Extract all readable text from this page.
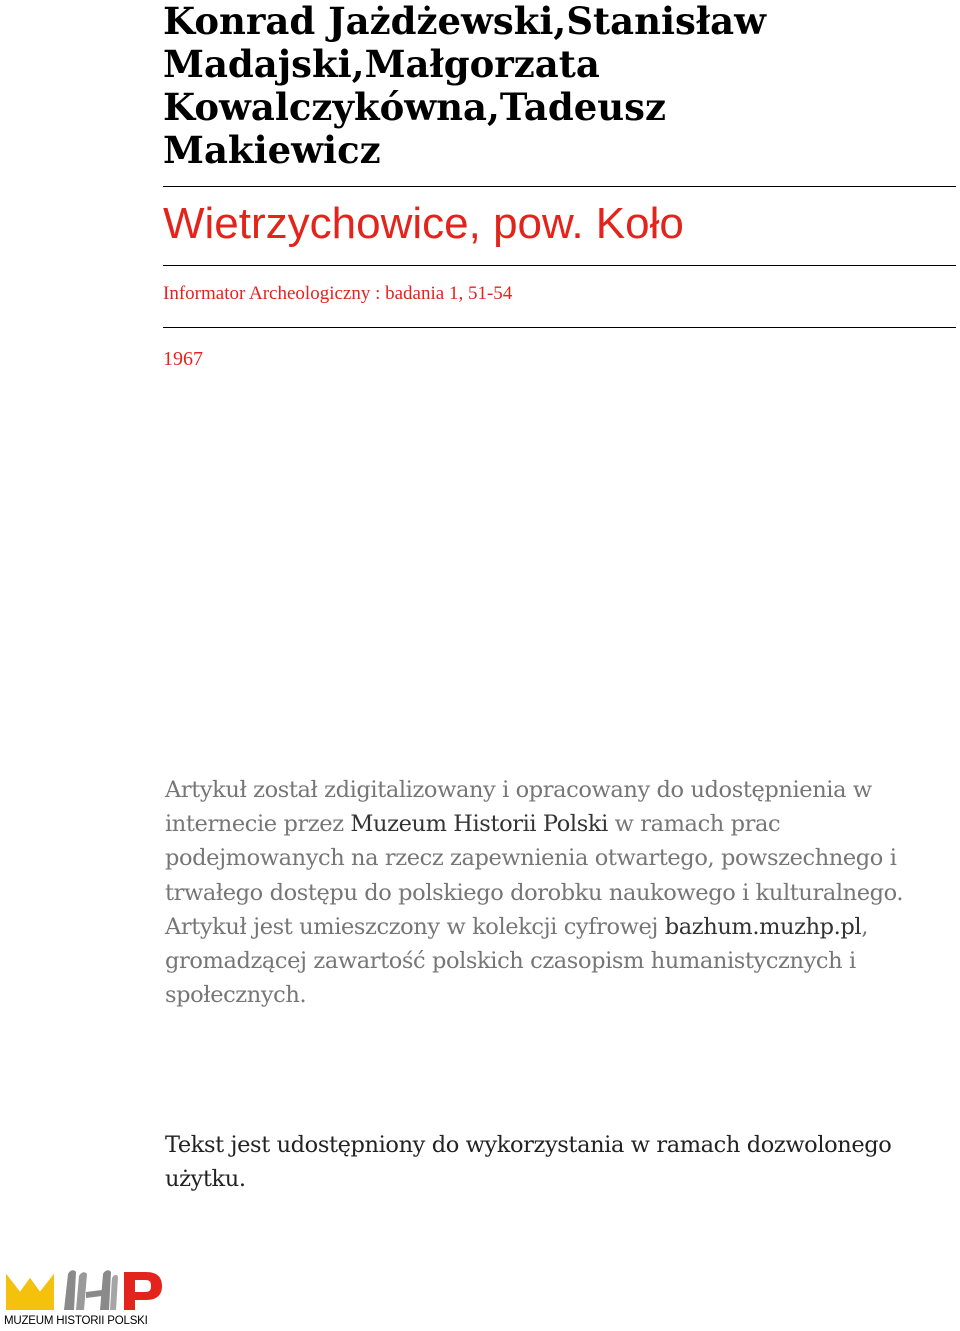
Konrad Jażdżewski,Stanisław
Madajski,Małgorzata
Kowalczykówna,Tadeusz
Makiewicz
Wietrzychowice, pow. Koło
Informator Archeologiczny : badania 1, 51-54
1967
Artykuł został zdigitalizowany i opracowany do udostępnienia w internecie przez Muzeum Historii Polski w ramach prac podejmowanych na rzecz zapewnienia otwartego, powszechnego i trwałego dostępu do polskiego dorobku naukowego i kulturalnego. Artykuł jest umieszczony w kolekcji cyfrowej bazhum.muzhp.pl, gromadzącej zawartość polskich czasopism humanistycznych i społecznych.
Tekst jest udostępniony do wykorzystania w ramach dozwolonego użytku.
MUZEUM HISTORII POLSKI
